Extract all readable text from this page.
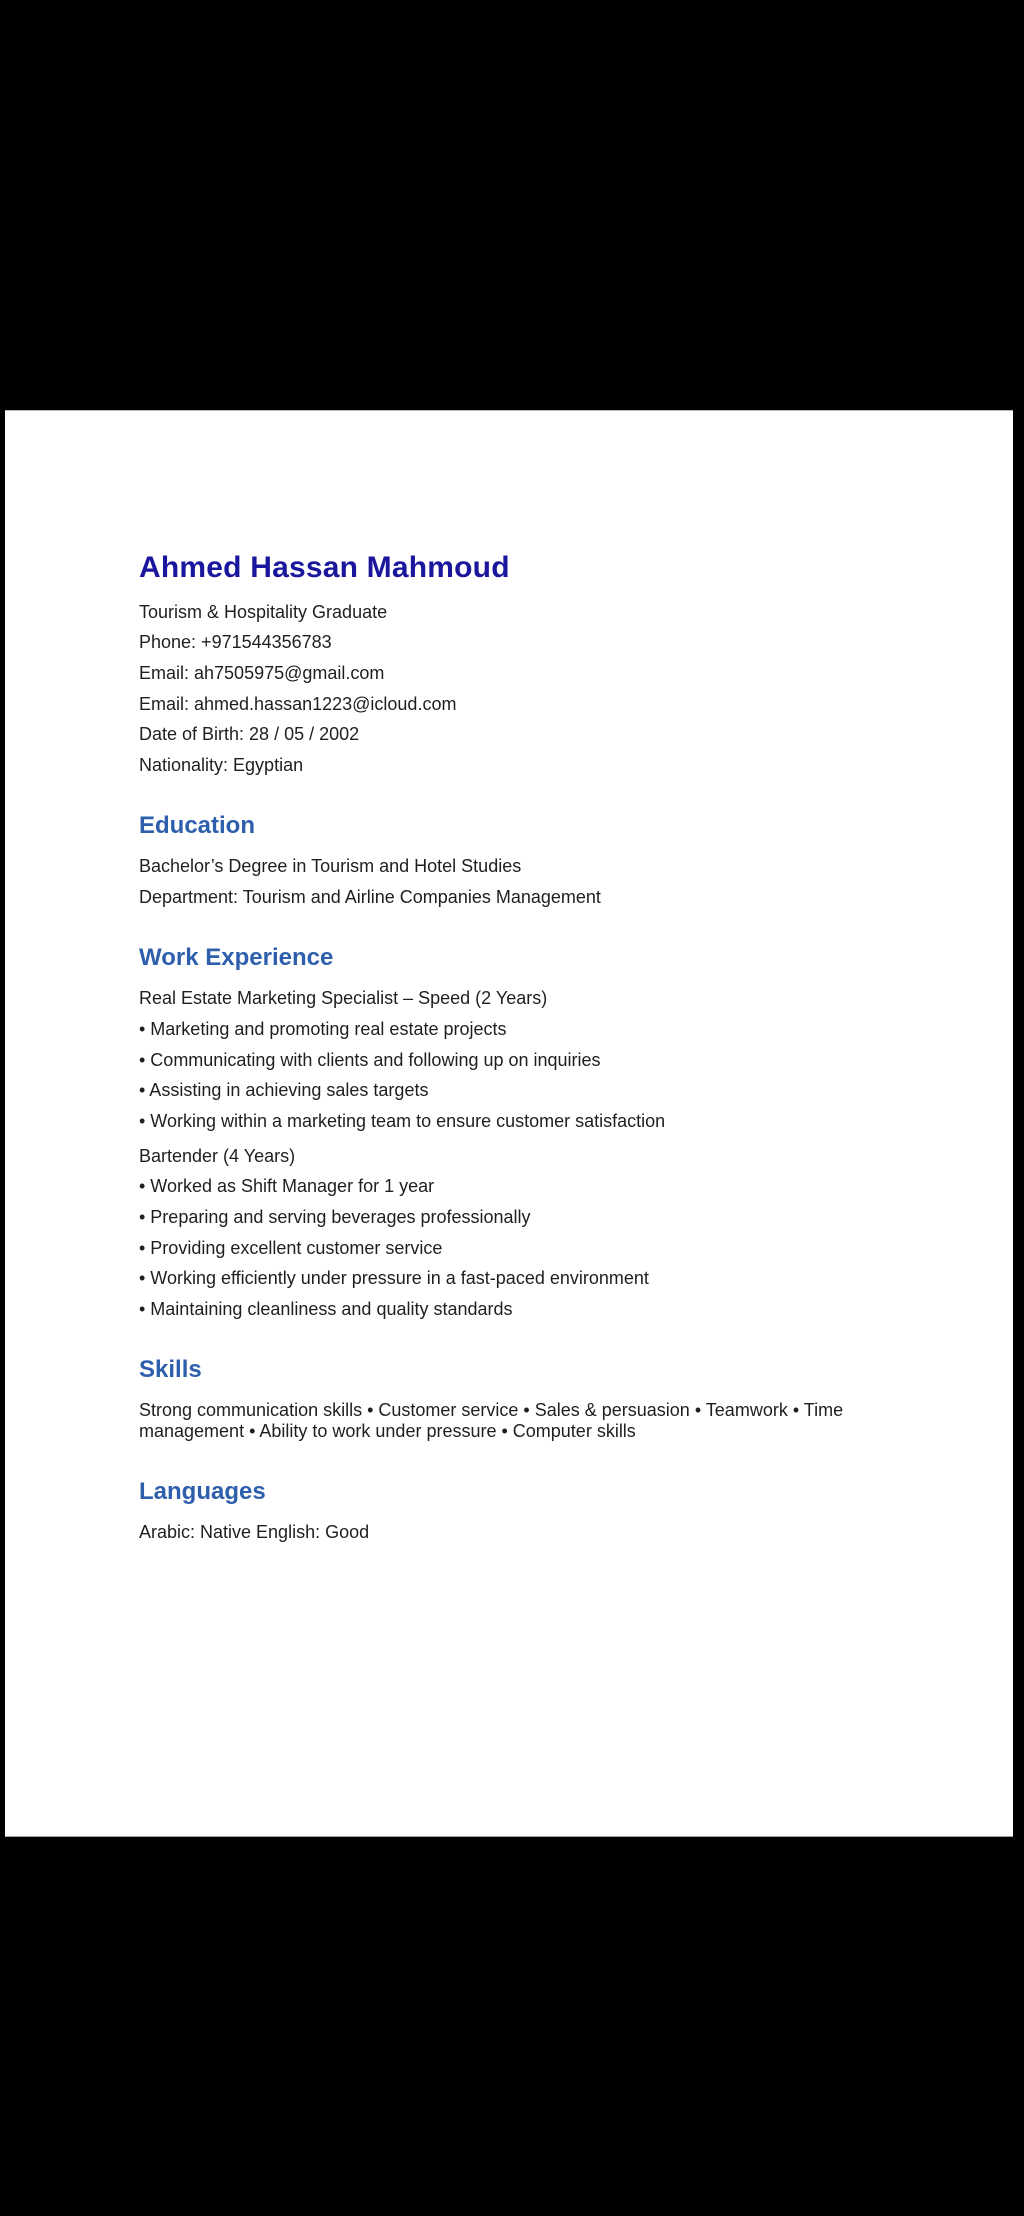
Ahmed Hassan Mahmoud

Tourism & Hospitality Graduate

Phone: +971544356783

Email: ah7505975@gmail.com

Email: ahmed.hassan1223@icloud.com

Date of Birth: 28 / 05 / 2002

Nationality: Egyptian

Education

Bachelor’s Degree in Tourism and Hotel Studies

Department: Tourism and Airline Companies Management

Work Experience

Real Estate Marketing Specialist – Speed (2 Years)

• Marketing and promoting real estate projects

• Communicating with clients and following up on inquiries

• Assisting in achieving sales targets

• Working within a marketing team to ensure customer satisfaction

Bartender (4 Years)

• Worked as Shift Manager for 1 year

• Preparing and serving beverages professionally

• Providing excellent customer service

• Working efficiently under pressure in a fast-paced environment

• Maintaining cleanliness and quality standards

Skills

Strong communication skills • Customer service • Sales & persuasion • Teamwork • Time management • Ability to work under pressure • Computer skills

Languages

Arabic: Native English: Good
